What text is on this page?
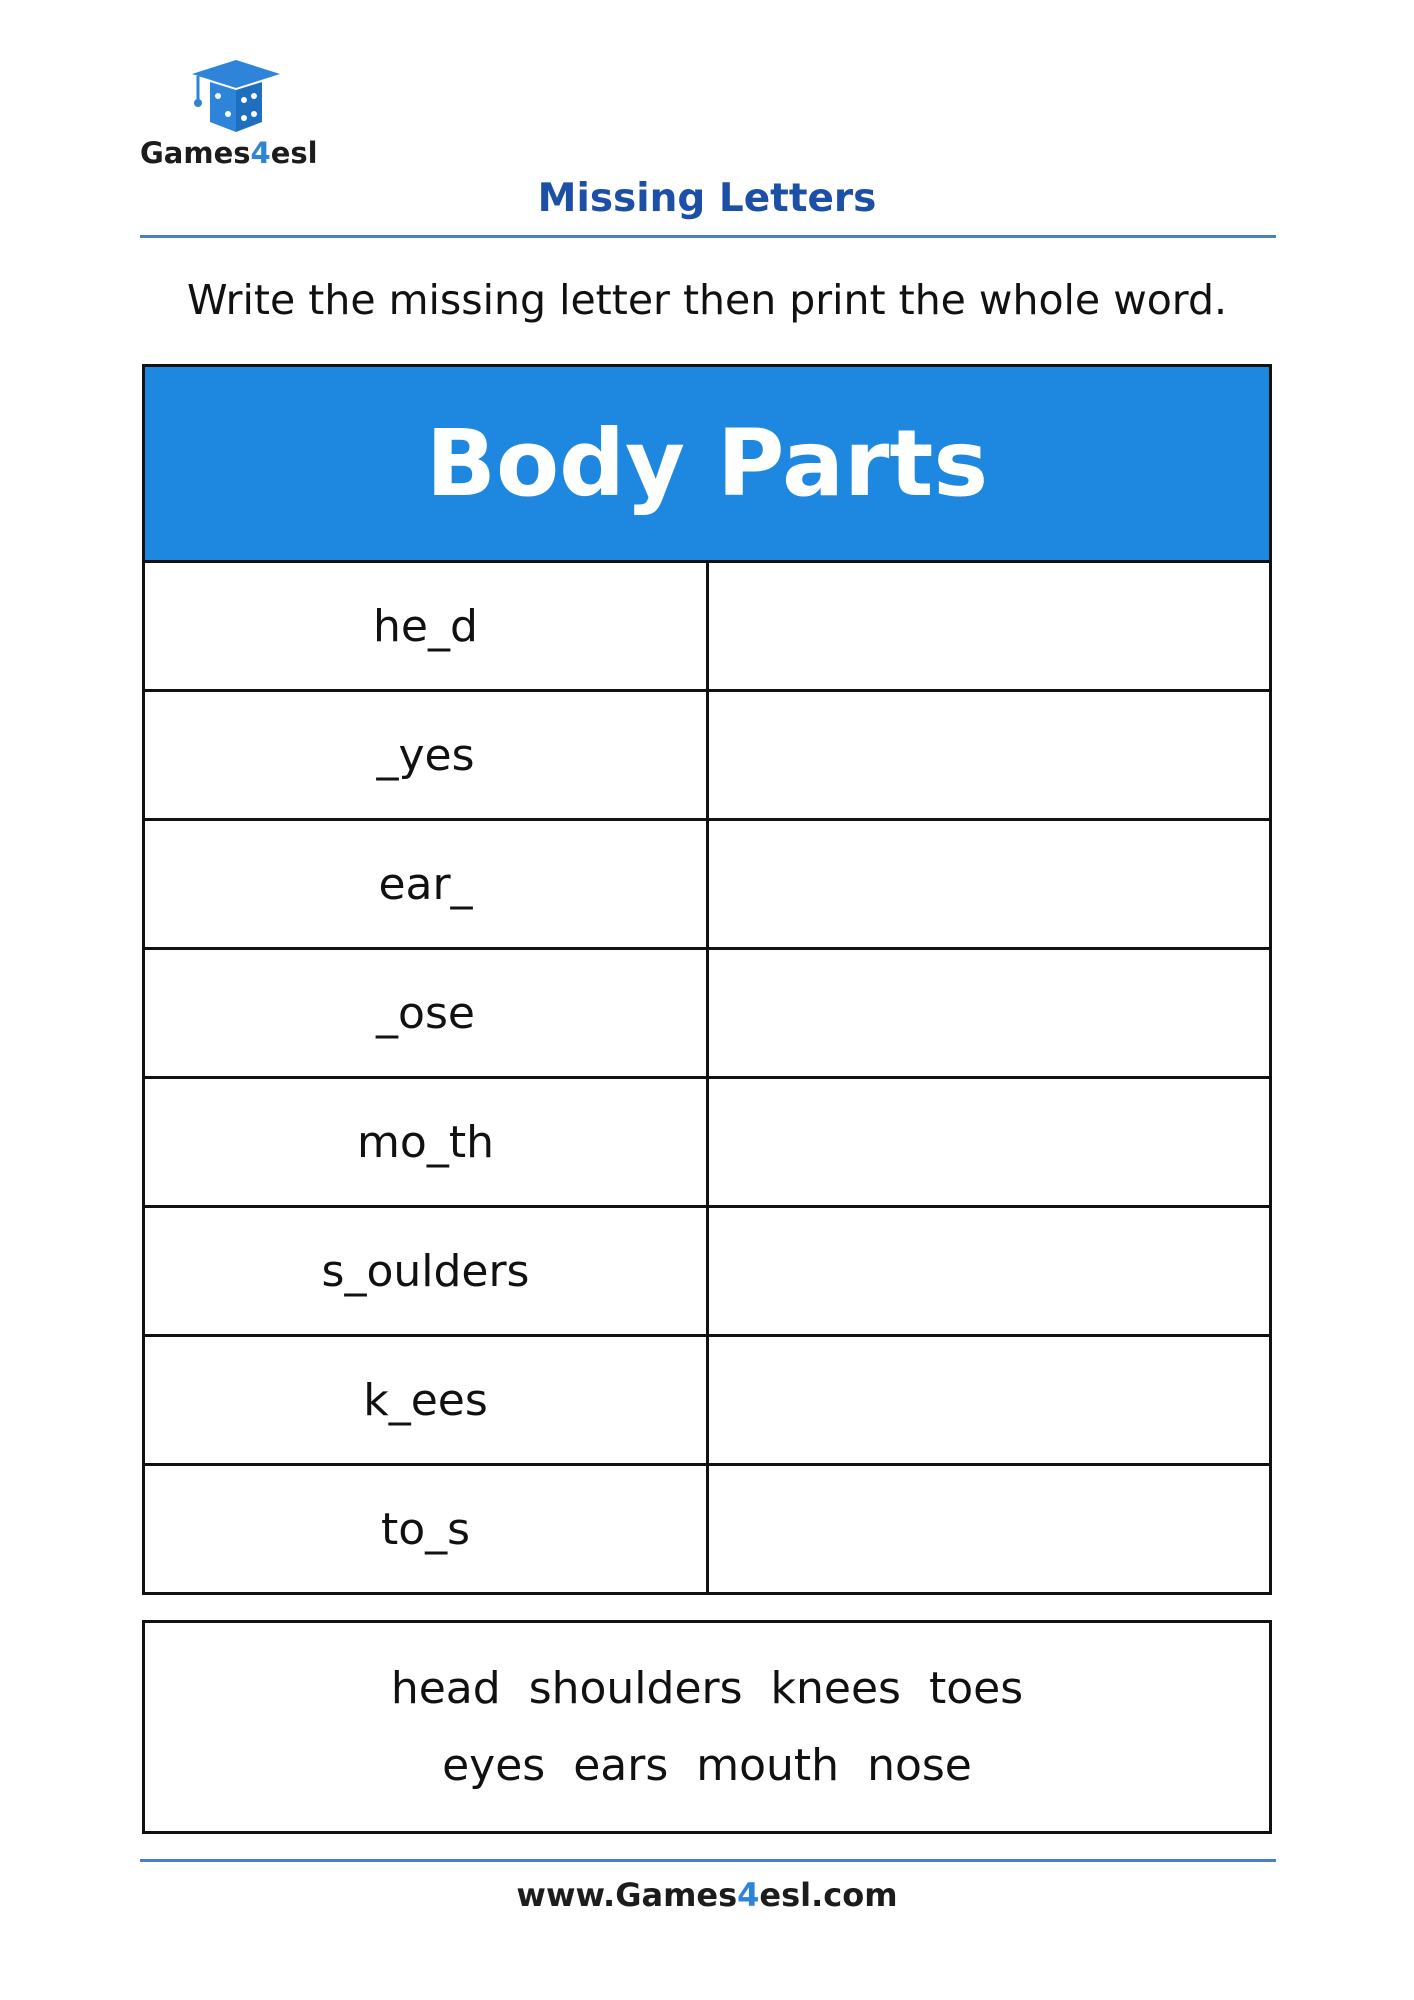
Games4esl
Missing Letters
Write the missing letter then print the whole word.
Body Parts
he_d
_yes
ear_
_ose
mo_th
s_oulders
k_ees
to_s
head shoulders knees toes
eyes ears mouth nose
www.Games4esl.com
